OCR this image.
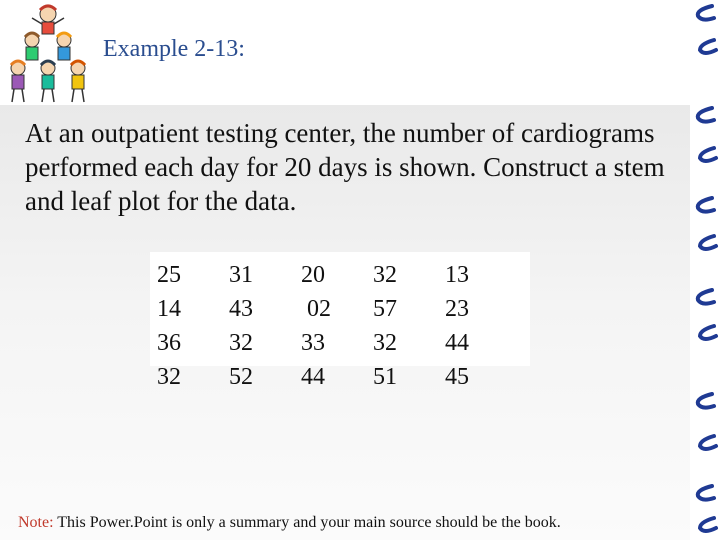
Example 2-13:
At an outpatient testing center, the number of cardiograms performed each day for 20 days is shown. Construct a stem and leaf plot for the data.
25	31	20	32	13
14	43	02	57	23
36	32	33	32	44
32	52	44	51	45
Note: This Power.Point is only a summary and your main source should be the book.
